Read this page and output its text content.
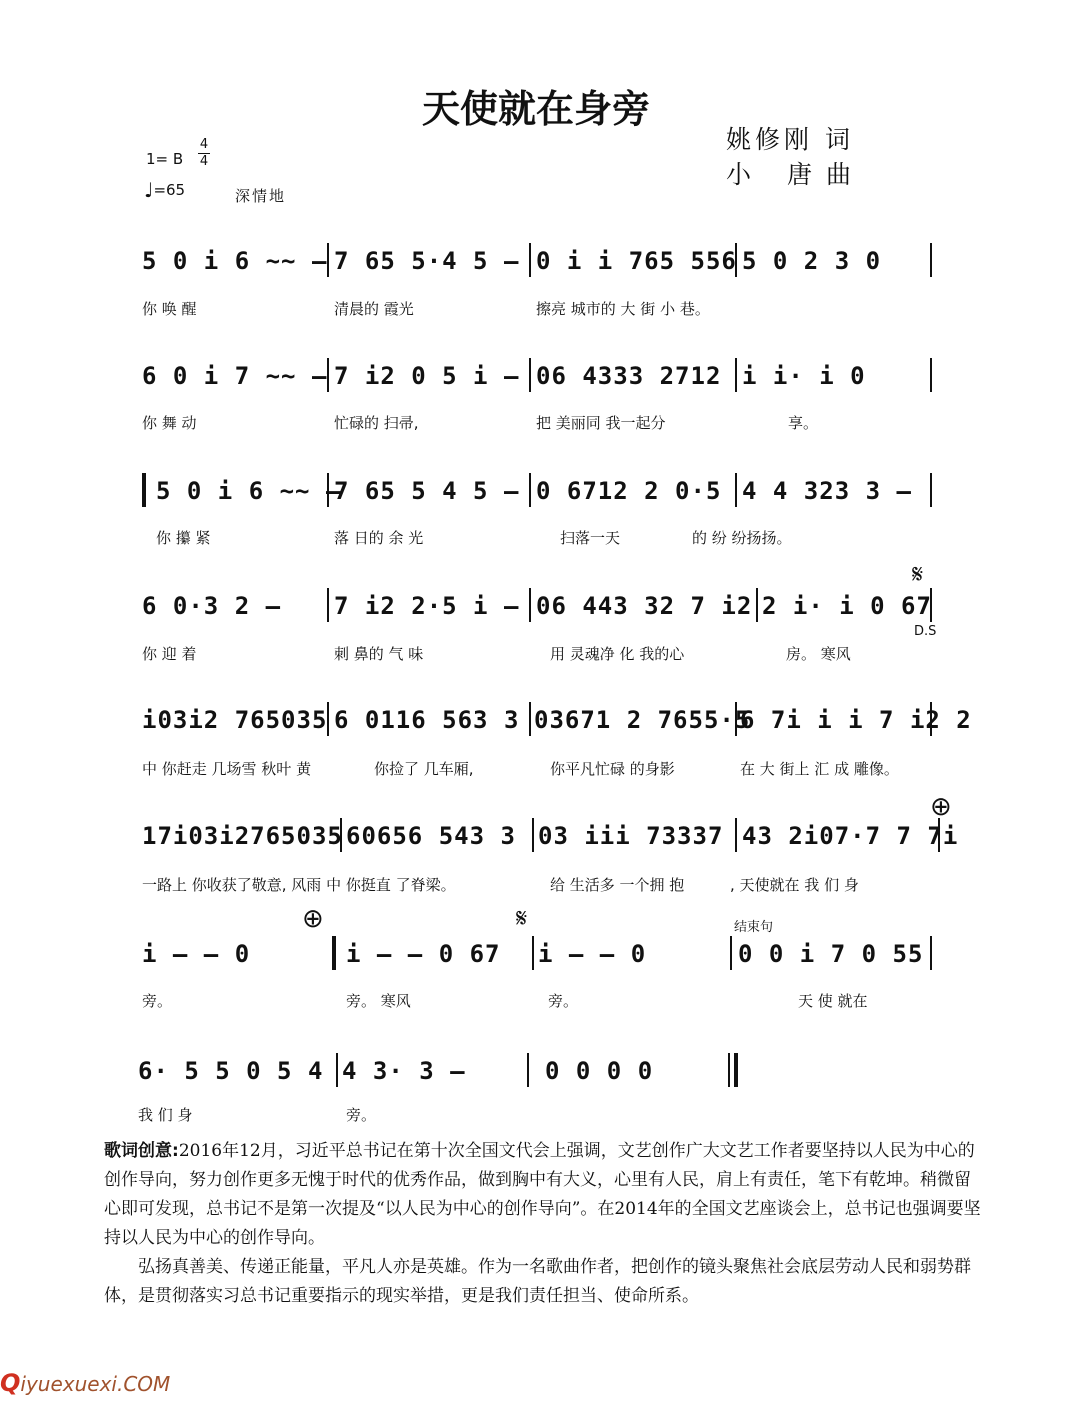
天使就在身旁
姚修刚 词
小 唐曲
1= B
4
4
♩=65	深情地
5 0 i 6 ~~ – 7 65 5·4 5 – 0 i i 765 556 5 0 2 3 0
你 唤 醒	清晨的 霞光	擦亮 城市的 大 街 小 巷。
6 0 i 7 ~~ – 7 i2 0 5 i – 06 4333 2712 i i· i 0
你 舞 动	忙碌的 扫帚,	把 美丽同 我一起分	享。
5 0 i 6 ~~ –
7 65 5 4 5 – 0 6712 2 0·5 4 4 323 3 –
你 攥 紧	落 日的 余 光	扫落一天	的 纷 纷扬扬。
6 0·3 2 – 7 i2 2·5 i – 06 443 32 7 i2 2 i· i 0 67
𝄋
D.S
你 迎 着	刺 鼻的 气 味	用 灵魂净 化 我的心	房。 寒风
i03i2 765035 6 0116 563 3 03671 2 7655·5
6 7i i i 7 i2 2
中 你赶走 几场雪 秋叶 黄	你捡了 几车厢,	你平凡忙碌 的身影	在 大 街上 汇 成 雕像。
17i03i2765035 60656 543 3 03 iii 73337 43 2i07·7 7 7i
⊕
一路上 你收获了敬意, 风雨 中 你挺直 了脊梁。	给 生活多 一个拥 抱	, 天使就在 我 们 身
⊕	𝄋	结束句
i – – 0	i – – 0 67 i – – 0	0 0 i 7 0 55
旁。	旁。 寒风	旁。	天 使 就在
6· 5 5 0 5 4 4 3· 3 –	0 0 0 0
我 们 身	旁。

歌词创意:2016年12月，习近平总书记在第十次全国文代会上强调，文艺创作广大文艺工作者要坚持以人民为中心的创作导向，努力创作更多无愧于时代的优秀作品，做到胸中有大义，心里有人民，肩上有责任，笔下有乾坤。稍微留心即可发现，总书记不是第一次提及“以人民为中心的创作导向”。在2014年的全国文艺座谈会上，总书记也强调要坚持以人民为中心的创作导向。

弘扬真善美、传递正能量，平凡人亦是英雄。作为一名歌曲作者，把创作的镜头聚焦社会底层劳动人民和弱势群体，是贯彻落实习总书记重要指示的现实举措，更是我们责任担当、使命所系。

Qiyuexuexi.COM
